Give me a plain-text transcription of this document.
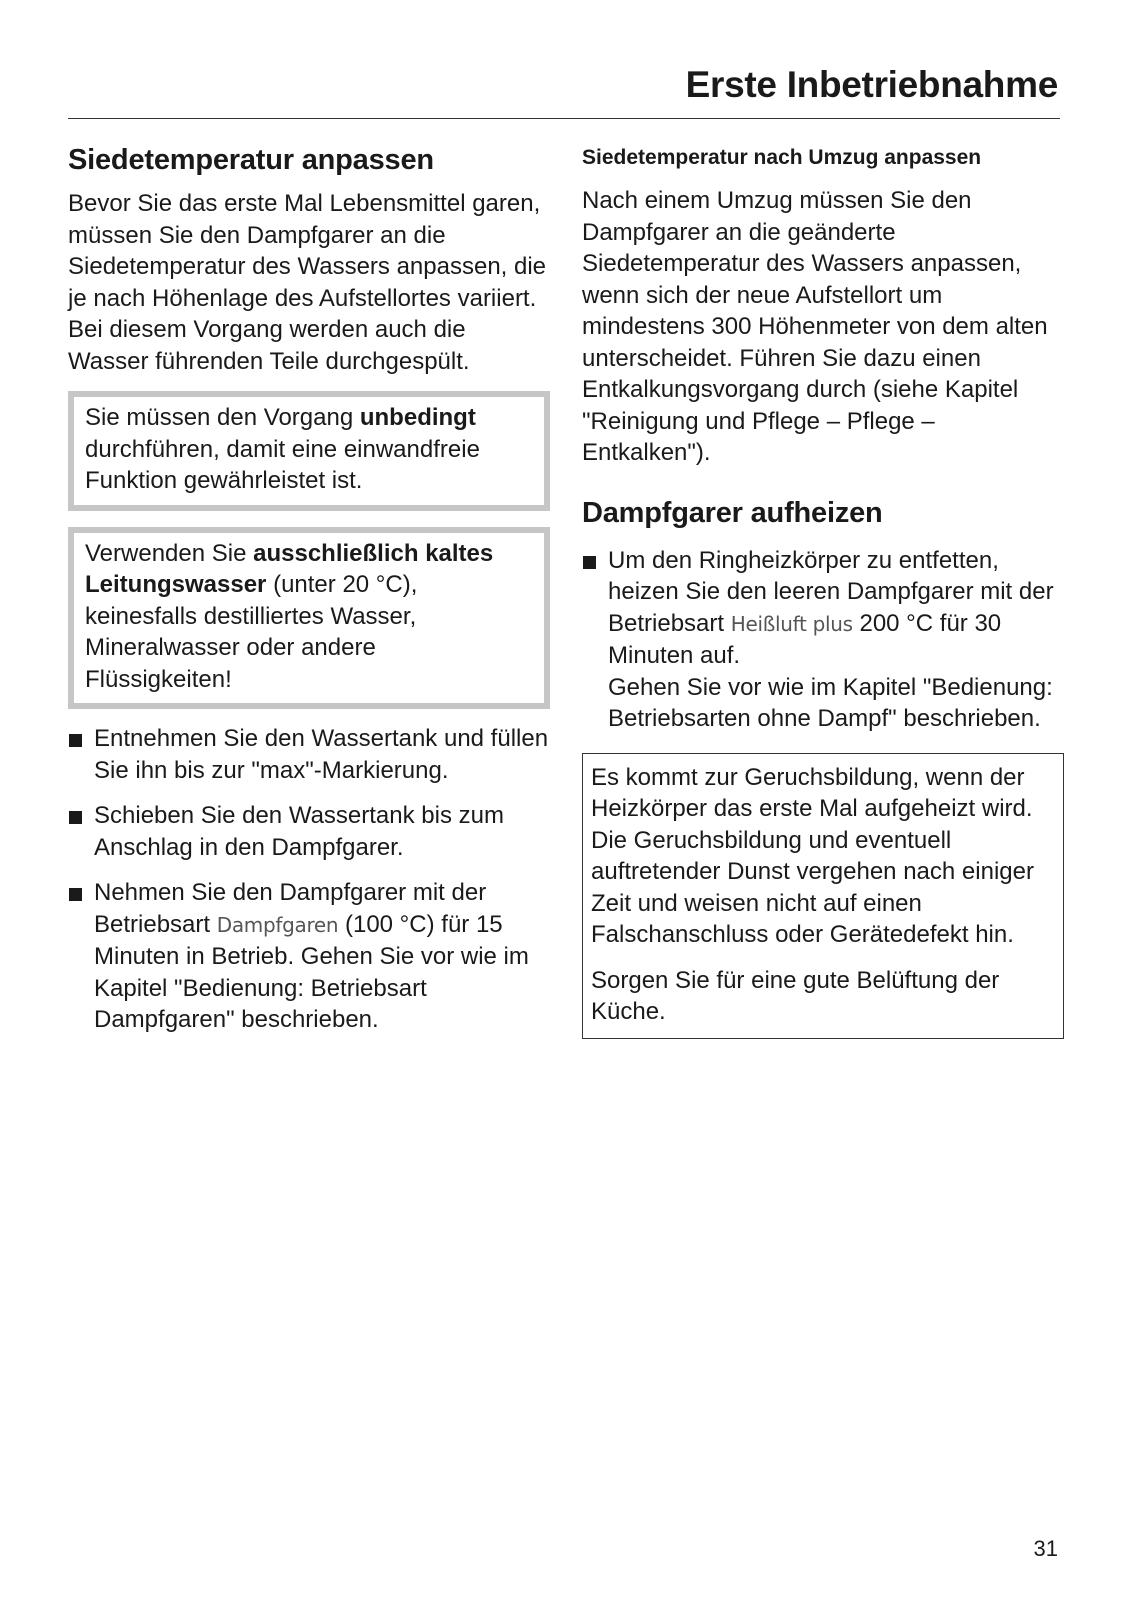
Erste Inbetriebnahme
Siedetemperatur anpassen

Bevor Sie das erste Mal Lebensmittel garen, müssen Sie den Dampfgarer an die Siedetemperatur des Wassers anpassen, die je nach Höhenlage des Aufstellortes variiert. Bei diesem Vorgang werden auch die Wasser führenden Teile durchgespült.

Sie müssen den Vorgang unbedingt durchführen, damit eine einwandfreie Funktion gewährleistet ist.

Verwenden Sie ausschließlich kaltes Leitungswasser (unter 20 °C), keinesfalls destilliertes Wasser, Mineralwasser oder andere Flüssigkeiten!

Entnehmen Sie den Wassertank und füllen Sie ihn bis zur "max"-Markierung.
Schieben Sie den Wassertank bis zum Anschlag in den Dampfgarer.
Nehmen Sie den Dampfgarer mit der Betriebsart Dampfgaren (100 °C) für 15 Minuten in Betrieb. Gehen Sie vor wie im Kapitel "Bedienung: Betriebsart Dampfgaren" beschrieben.
Siedetemperatur nach Umzug anpassen

Nach einem Umzug müssen Sie den Dampfgarer an die geänderte Siedetemperatur des Wassers anpassen, wenn sich der neue Aufstellort um mindestens 300 Höhenmeter von dem alten unterscheidet. Führen Sie dazu einen Entkalkungsvorgang durch (siehe Kapitel "Reinigung und Pflege – Pflege – Entkalken").

Dampfgarer aufheizen
Um den Ringheizkörper zu entfetten, heizen Sie den leeren Dampfgarer mit der Betriebsart Heißluft plus 200 °C für 30 Minuten auf.
Gehen Sie vor wie im Kapitel "Bedienung: Betriebsarten ohne Dampf" beschrieben.

Es kommt zur Geruchsbildung, wenn der Heizkörper das erste Mal aufgeheizt wird. Die Geruchsbildung und eventuell auftretender Dunst vergehen nach einiger Zeit und weisen nicht auf einen Falschanschluss oder Gerätedefekt hin.

Sorgen Sie für eine gute Belüftung der Küche.

31
